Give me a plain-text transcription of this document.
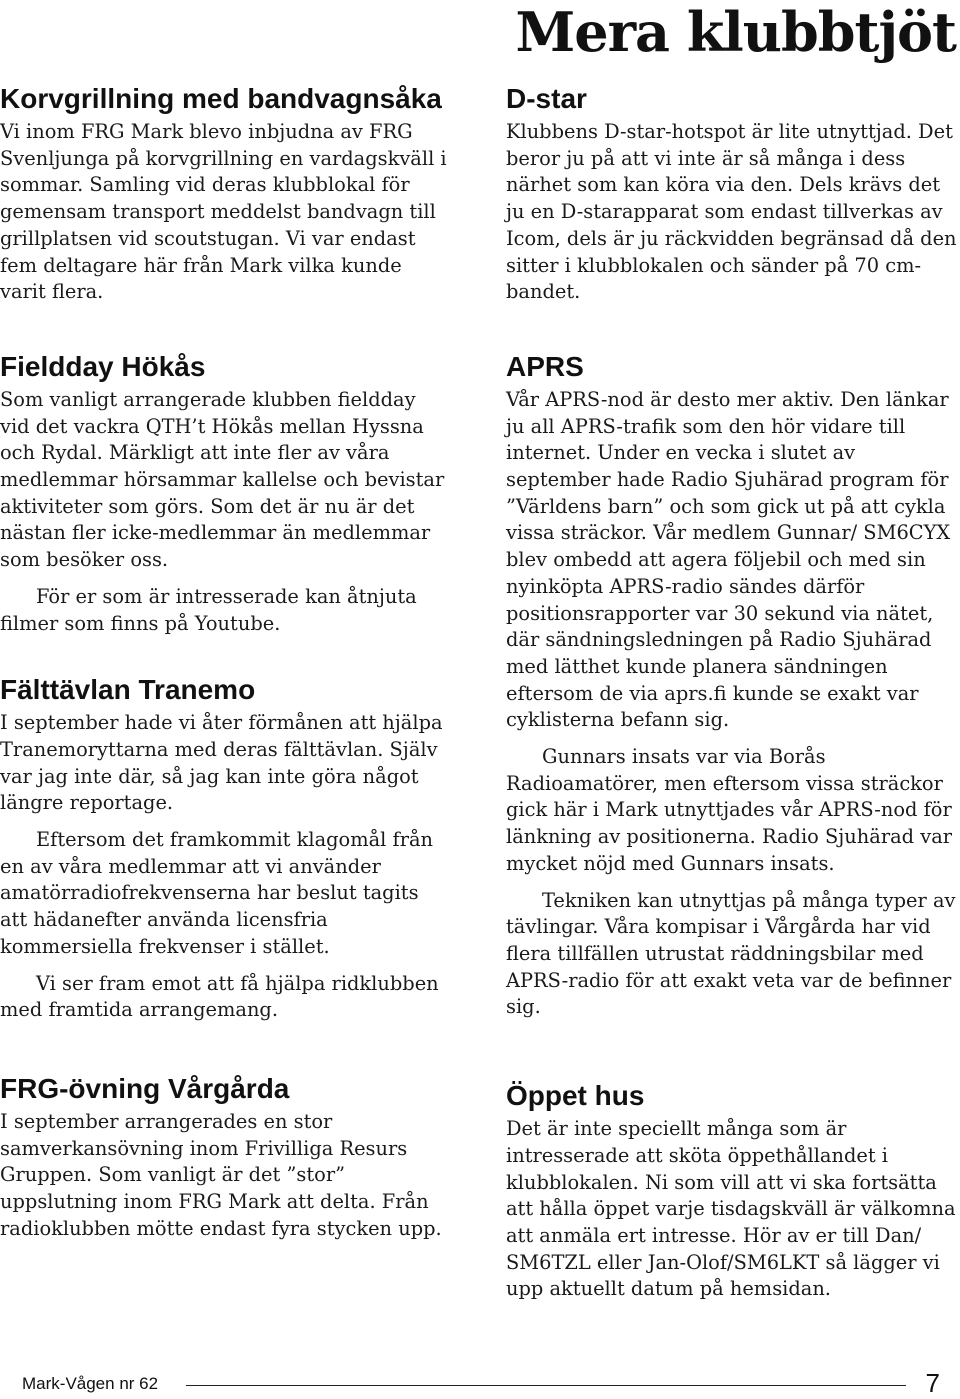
Mera klubbtjöt
Korvgrillning med bandvagnsåka

Vi inom FRG Mark blevo inbjudna av FRG Svenljunga på korvgrillning en vardagskväll i sommar. Samling vid deras klubblokal för gemensam transport meddelst bandvagn till grillplatsen vid scoutstugan. Vi var endast fem deltagare här från Mark vilka kunde varit flera.

Fieldday Hökås

Som vanligt arrangerade klubben fieldday vid det vackra QTH’t Hökås mellan Hyssna och Rydal. Märkligt att inte fler av våra medlemmar hörsammar kallelse och bevistar aktiviteter som görs. Som det är nu är det nästan fler icke-medlemmar än medlemmar som besöker oss.

För er som är intresserade kan åtnjuta filmer som finns på Youtube.

Fälttävlan Tranemo

I september hade vi åter förmånen att hjälpa Tranemoryttarna med deras fälttävlan. Själv var jag inte där, så jag kan inte göra något längre reportage.

Eftersom det framkommit klagomål från en av våra medlemmar att vi använder amatörradiofrekvenserna har beslut tagits att hädanefter använda licensfria kommersiella frekvenser i stället.

Vi ser fram emot att få hjälpa ridklubben med framtida arrangemang.

FRG-övning Vårgårda

I september arrangerades en stor samverkansövning inom Frivilliga Resurs Gruppen. Som vanligt är det ”stor” uppslutning inom FRG Mark att delta. Från radioklubben mötte endast fyra stycken upp.

D-star

Klubbens D-star-hotspot är lite utnyttjad. Det beror ju på att vi inte är så många i dess närhet som kan köra via den. Dels krävs det ju en D-starapparat som endast tillverkas av Icom, dels är ju räckvidden begränsad då den sitter i klubblokalen och sänder på 70 cm-bandet.

APRS

Vår APRS-nod är desto mer aktiv. Den länkar ju all APRS-trafik som den hör vidare till internet. Under en vecka i slutet av september hade Radio Sjuhärad program för ”Världens barn” och som gick ut på att cykla vissa sträckor. Vår medlem Gunnar/ SM6CYX blev ombedd att agera följebil och med sin nyinköpta APRS-radio sändes därför positionsrapporter var 30 sekund via nätet, där sändningsledningen på Radio Sjuhärad med lätthet kunde planera sändningen eftersom de via aprs.fi kunde se exakt var cyklisterna befann sig.

Gunnars insats var via Borås Radioamatörer, men eftersom vissa sträckor gick här i Mark utnyttjades vår APRS-nod för länkning av positionerna. Radio Sjuhärad var mycket nöjd med Gunnars insats.

Tekniken kan utnyttjas på många typer av tävlingar. Våra kompisar i Vårgårda har vid flera tillfällen utrustat räddningsbilar med APRS-radio för att exakt veta var de befinner sig.

Öppet hus

Det är inte speciellt många som är intresserade att sköta öppethållandet i klubblokalen. Ni som vill att vi ska fortsätta att hålla öppet varje tisdagskväll är välkomna att anmäla ert intresse. Hör av er till Dan/ SM6TZL eller Jan-Olof/SM6LKT så lägger vi upp aktuellt datum på hemsidan.

Mark-Vågen nr 62	7
